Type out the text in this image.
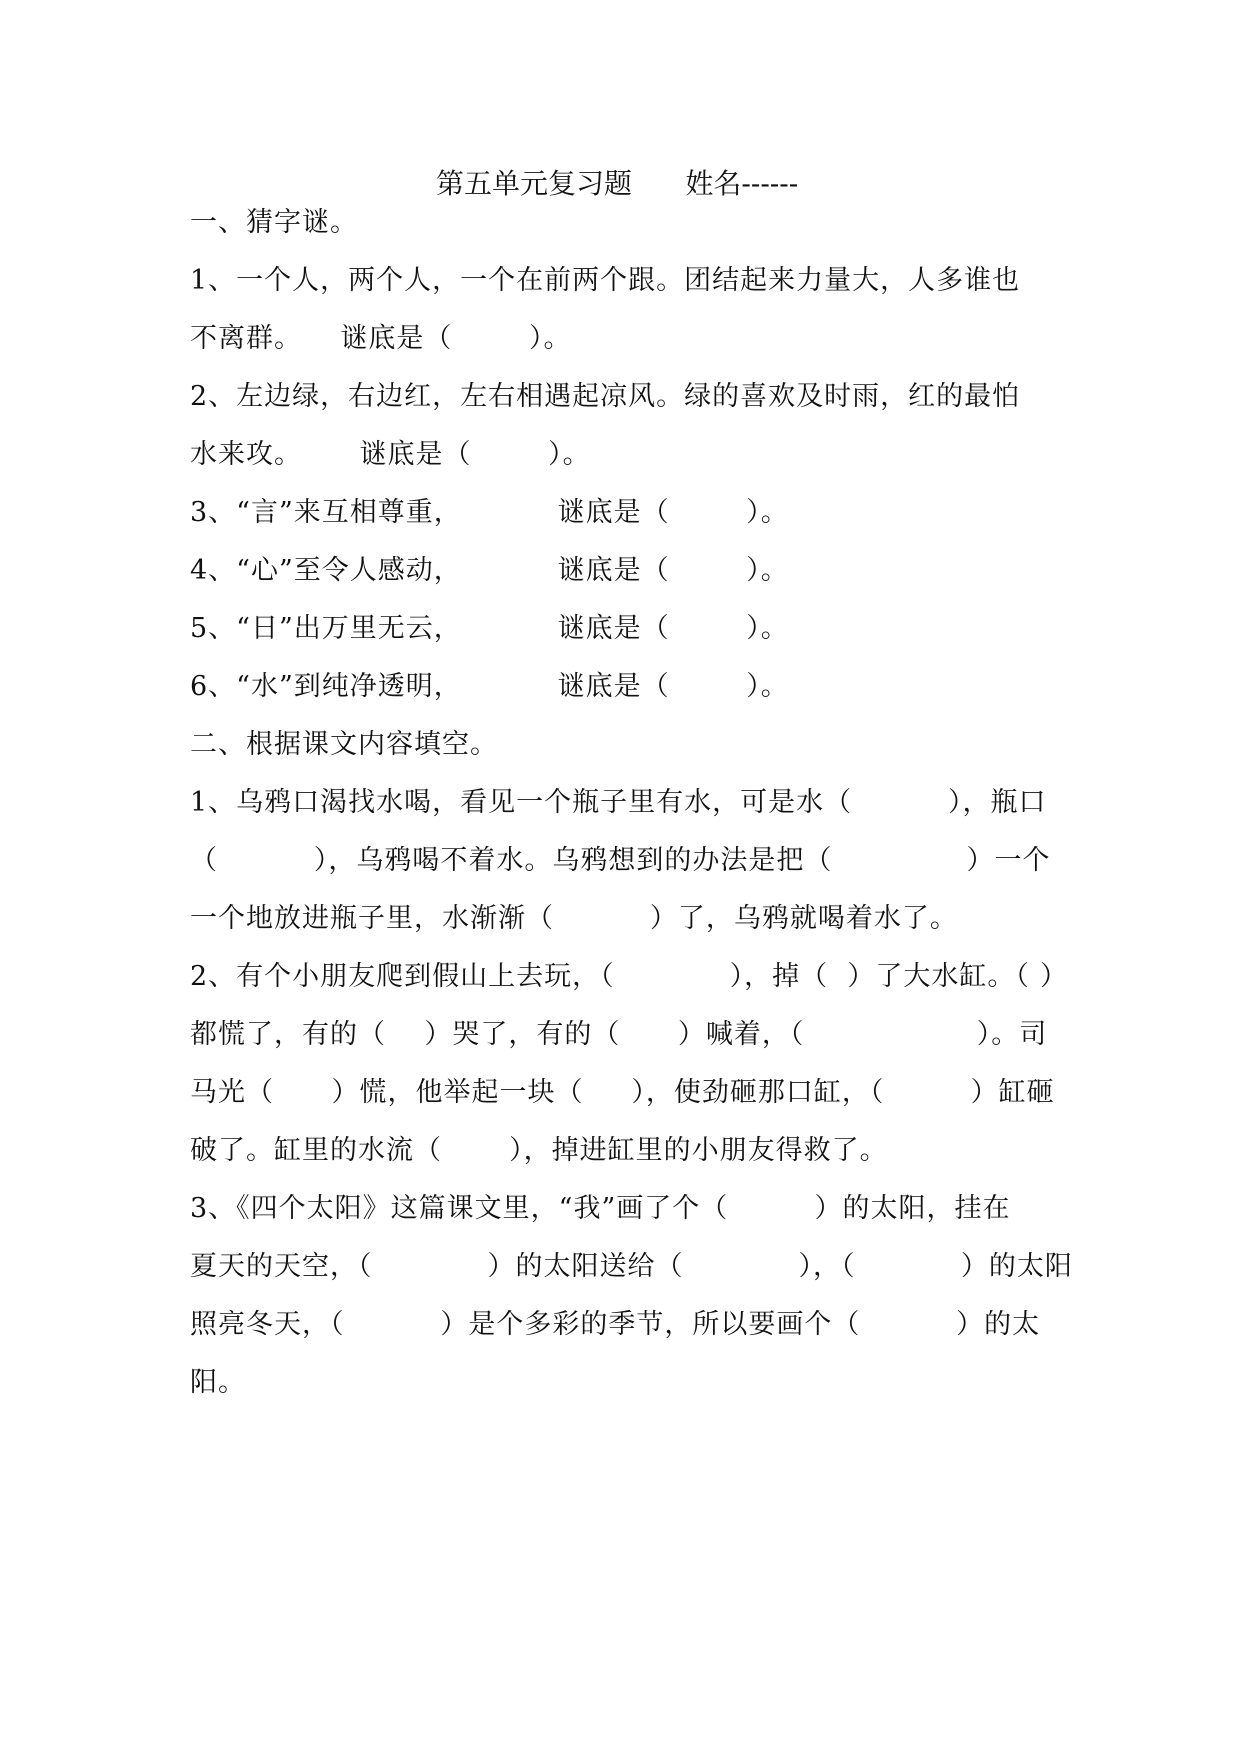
第五单元复习题 姓名------
一、猜字谜。
1、一个人，两个人，一个在前两个跟。团结起来力量大，人多谁也
不离群。    谜底是（        ）。
2、左边绿，右边红，左右相遇起凉风。绿的喜欢及时雨，红的最怕
水来攻。      谜底是（        ）。
3、“言”来互相尊重，          谜底是（        ）。
4、“心”至令人感动，          谜底是（        ）。
5、“日”出万里无云，          谜底是（        ）。
6、“水”到纯净透明，          谜底是（        ）。
二、根据课文内容填空。
1、乌鸦口渴找水喝，看见一个瓶子里有水，可是水（          ），瓶口
（          ），乌鸦喝不着水。乌鸦想到的办法是把（              ）一个
一个地放进瓶子里，水渐渐（          ）了，乌鸦就喝着水了。
2、有个小朋友爬到假山上去玩，（            ），掉（  ）了大水缸。（ ）
都慌了，有的（    ）哭了，有的（      ）喊着，（                  ）。司
马光（      ）慌，他举起一块（     ），使劲砸那口缸，（         ）缸砸
破了。缸里的水流（       ），掉进缸里的小朋友得救了。
3、《四个太阳》这篇课文里，“我”画了个（         ）的太阳，挂在
夏天的天空，（            ）的太阳送给（            ），（           ）的太阳
照亮冬天，（          ）是个多彩的季节，所以要画个（          ）的太
阳。
